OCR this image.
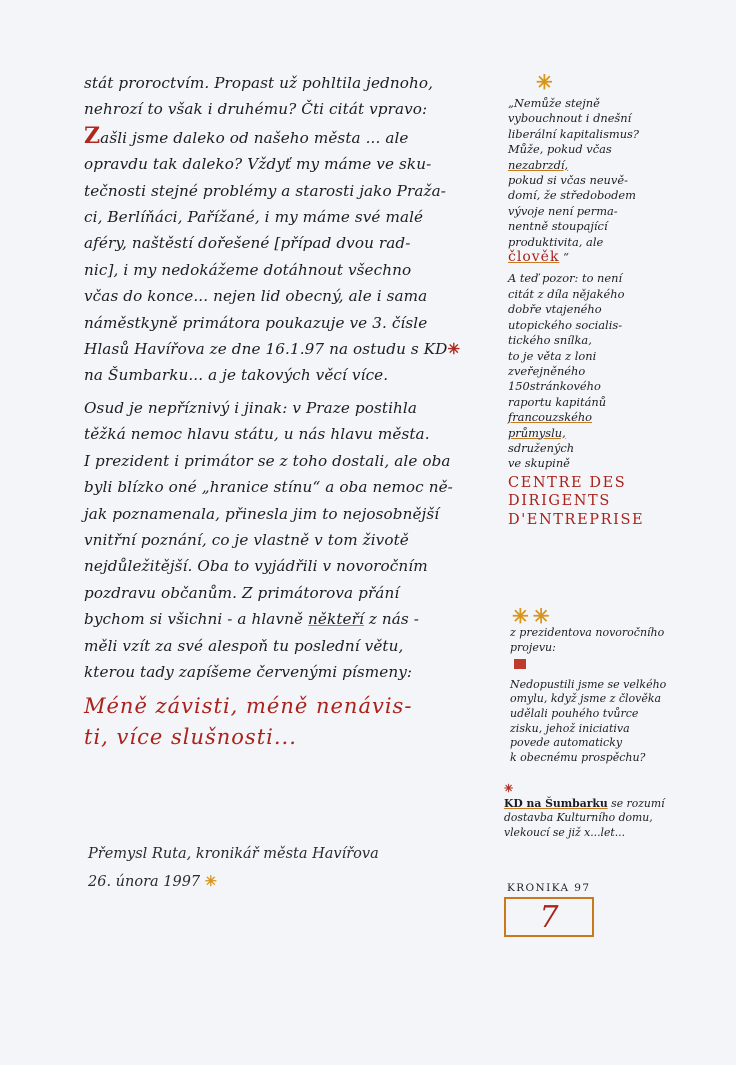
stát proroctvím. Propast už pohltila jednoho,

nehrozí to však i druhému? Čti citát vpravo:

Zašli jsme daleko od našeho města ... ale

opravdu tak daleko? Vždyť my máme ve sku-

tečnosti stejné problémy a starosti jako Praža-

ci, Berlíňáci, Pařížané, i my máme své malé

aféry, naštěstí dořešené [případ dvou rad-

nic], i my nedokážeme dotáhnout všechno

včas do konce... nejen lid obecný, ale i sama

náměstkyně primátora poukazuje ve 3. čísle

Hlasů Havířova ze dne 16.1.97 na ostudu s KD✳

na Šumbarku... a je takových věcí více.

Osud je nepříznivý i jinak: v Praze postihla

těžká nemoc hlavu státu, u nás hlavu města.

I prezident i primátor se z toho dostali, ale oba

byli blízko oné „hranice stínu“ a oba nemoc ně-

jak poznamenala, přinesla jim to nejosobnější

vnitřní poznání, co je vlastně v tom životě

nejdůležitější. Oba to vyjádřili v novoročním

pozdravu občanům. Z primátorova přání

bychom si všichni - a hlavně někteří z nás -

měli vzít za své alespoň tu poslední větu,

kterou tady zapíšeme červenými písmeny:

Méně závisti, méně nenávis-

ti, více slušnosti...

Přemysl Ruta, kronikář města Havířova
26. února 1997 ✳
✳

„Nemůže stejně

vybouchnout i dnešní

liberální kapitalismus?

Může, pokud včas

nezabrzdí,

pokud si včas neuvě-

domí, že středobodem

vývoje není perma-

nentně stoupající

produktivita, ale

člověk “

A teď pozor: to není

citát z díla nějakého

dobře vtajeného

utopického socialis-

tického snílka,

to je věta z loni

zveřejněného

150stránkového

raportu kapitánů

francouzského

průmyslu,

sdružených

ve skupině

CENTRE DES

DIRIGENTS

D'ENTREPRISE

✳✳

z prezidentova novoročního projevu:

Nedopustili jsme se velkého

omylu, když jsme z člověka

udělali pouhého tvůrce

zisku, jehož iniciativa

povede automaticky

k obecnému prospěchu?

✳

KD na Šumbarku se rozumí

dostavba Kulturního domu,

vlekoucí se již x...let...

KRONIKA 97
7
